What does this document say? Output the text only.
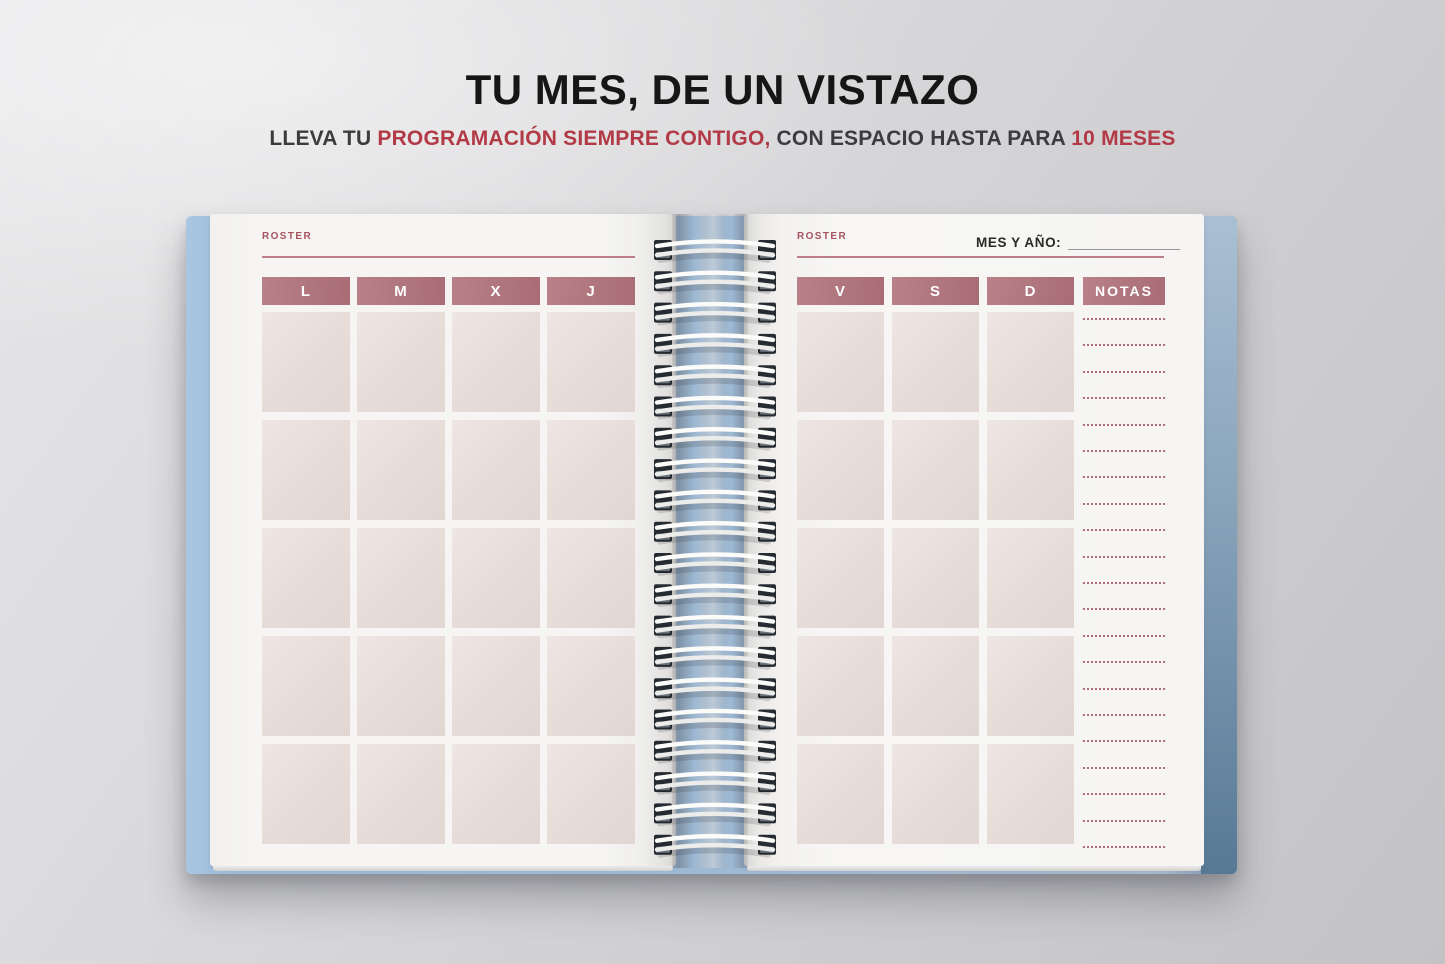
TU MES, DE UN VISTAZO

LLEVA TU PROGRAMACIÓN SIEMPRE CONTIGO, CON ESPACIO HASTA PARA 10 MESES

ROSTER
L	M	X	J
ROSTER	MES Y AÑO:
V	S	D	NOTAS
